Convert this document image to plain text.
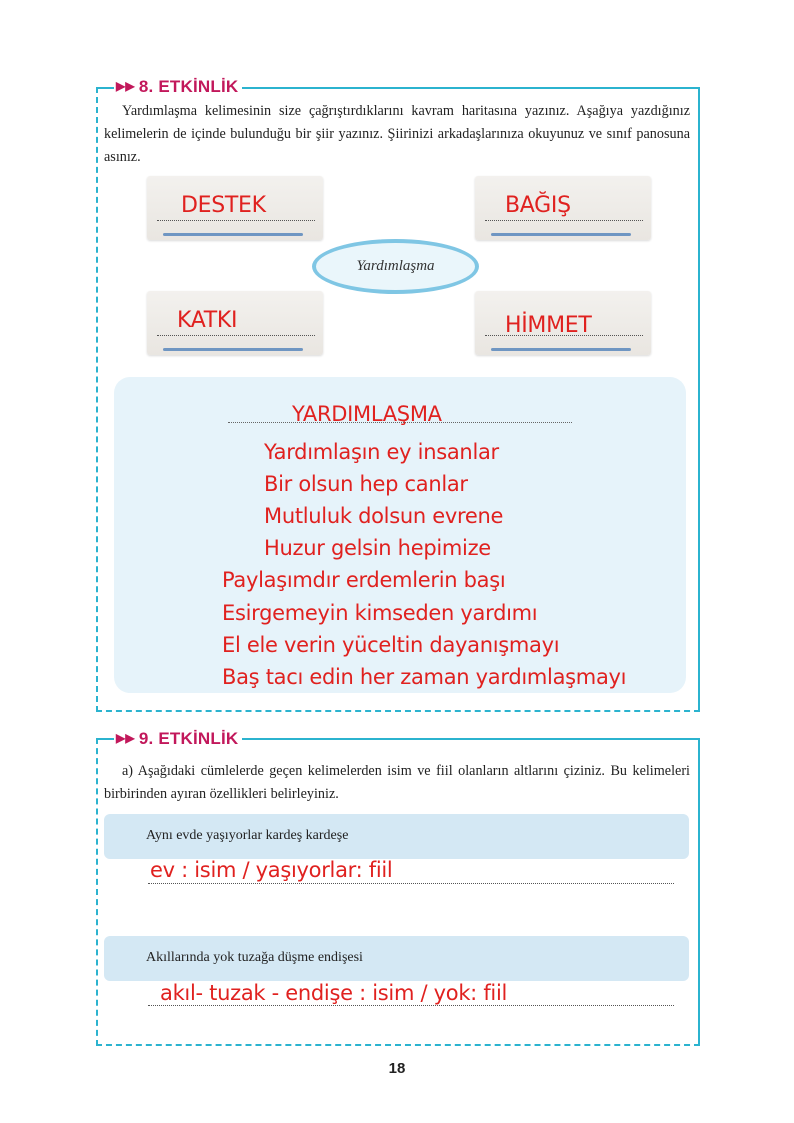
▶▶ 8. ETKİNLİK
Yardımlaşma kelimesinin size çağrıştırdıklarını kavram haritasına yazınız. Aşağıya yazdığınız kelimelerin de içinde bulunduğu bir şiir yazınız. Şiirinizi arkadaşlarınıza okuyunuz ve sınıf panosuna asınız.
DESTEK	BAĞIŞ
KATKI	HİMMET
Yardımlaşma
YARDIMLAŞMA
Yardımlaşın ey insanlar
Bir olsun hep canlar
Mutluluk dolsun evrene
Huzur gelsin hepimize
Paylaşımdır erdemlerin başı
Esirgemeyin kimseden yardımı
El ele verin yüceltin dayanışmayı
Baş tacı edin her zaman yardımlaşmayı
▶▶ 9. ETKİNLİK
a) Aşağıdaki cümlelerde geçen kelimelerden isim ve fiil olanların altlarını çiziniz. Bu kelimeleri birbirinden ayıran özellikleri belirleyiniz.
Aynı evde yaşıyorlar kardeş kardeşe
ev : isim / yaşıyorlar: fiil
Akıllarında yok tuzağa düşme endişesi
akıl- tuzak - endişe : isim / yok: fiil
18
